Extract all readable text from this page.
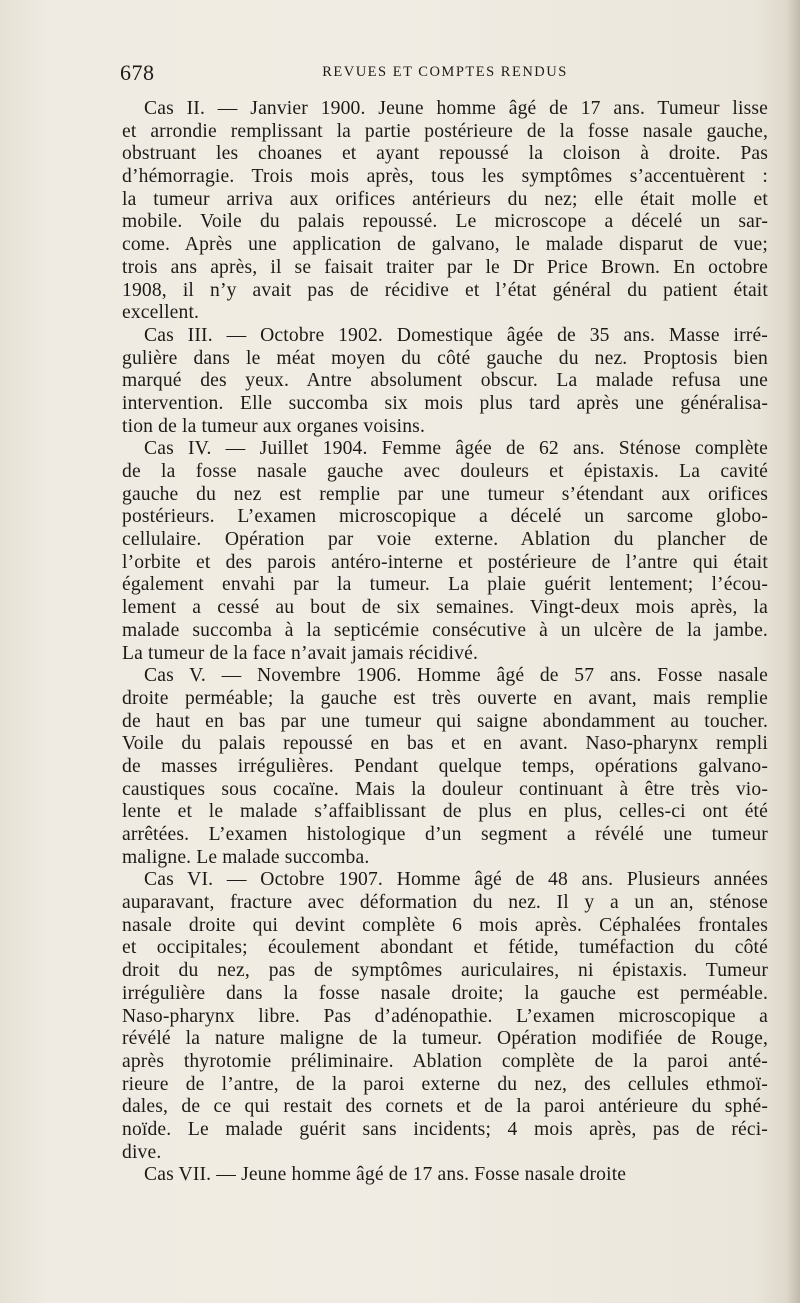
678	REVUES ET COMPTES RENDUS
Cas II. — Janvier 1900. Jeune homme âgé de 17 ans. Tumeur lisse
et arrondie remplissant la partie postérieure de la fosse nasale gauche,
obstruant les choanes et ayant repoussé la cloison à droite. Pas
d’hémorragie. Trois mois après, tous les symptômes s’accentuèrent :
la tumeur arriva aux orifices antérieurs du nez; elle était molle et
mobile. Voile du palais repoussé. Le microscope a décelé un sar-
come. Après une application de galvano, le malade disparut de vue;
trois ans après, il se faisait traiter par le Dr Price Brown. En octobre
1908, il n’y avait pas de récidive et l’état général du patient était
excellent.
Cas III. — Octobre 1902. Domestique âgée de 35 ans. Masse irré-
gulière dans le méat moyen du côté gauche du nez. Proptosis bien
marqué des yeux. Antre absolument obscur. La malade refusa une
intervention. Elle succomba six mois plus tard après une généralisa-
tion de la tumeur aux organes voisins.
Cas IV. — Juillet 1904. Femme âgée de 62 ans. Sténose complète
de la fosse nasale gauche avec douleurs et épistaxis. La cavité
gauche du nez est remplie par une tumeur s’étendant aux orifices
postérieurs. L’examen microscopique a décelé un sarcome globo-
cellulaire. Opération par voie externe. Ablation du plancher de
l’orbite et des parois antéro-interne et postérieure de l’antre qui était
également envahi par la tumeur. La plaie guérit lentement; l’écou-
lement a cessé au bout de six semaines. Vingt-deux mois après, la
malade succomba à la septicémie consécutive à un ulcère de la jambe.
La tumeur de la face n’avait jamais récidivé.
Cas V. — Novembre 1906. Homme âgé de 57 ans. Fosse nasale
droite perméable; la gauche est très ouverte en avant, mais remplie
de haut en bas par une tumeur qui saigne abondamment au toucher.
Voile du palais repoussé en bas et en avant. Naso-pharynx rempli
de masses irrégulières. Pendant quelque temps, opérations galvano-
caustiques sous cocaïne. Mais la douleur continuant à être très vio-
lente et le malade s’affaiblissant de plus en plus, celles-ci ont été
arrêtées. L’examen histologique d’un segment a révélé une tumeur
maligne. Le malade succomba.
Cas VI. — Octobre 1907. Homme âgé de 48 ans. Plusieurs années
auparavant, fracture avec déformation du nez. Il y a un an, sténose
nasale droite qui devint complète 6 mois après. Céphalées frontales
et occipitales; écoulement abondant et fétide, tuméfaction du côté
droit du nez, pas de symptômes auriculaires, ni épistaxis. Tumeur
irrégulière dans la fosse nasale droite; la gauche est perméable.
Naso-pharynx libre. Pas d’adénopathie. L’examen microscopique a
révélé la nature maligne de la tumeur. Opération modifiée de Rouge,
après thyrotomie préliminaire. Ablation complète de la paroi anté-
rieure de l’antre, de la paroi externe du nez, des cellules ethmoï-
dales, de ce qui restait des cornets et de la paroi antérieure du sphé-
noïde. Le malade guérit sans incidents; 4 mois après, pas de réci-
dive.
Cas VII. — Jeune homme âgé de 17 ans. Fosse nasale droite
